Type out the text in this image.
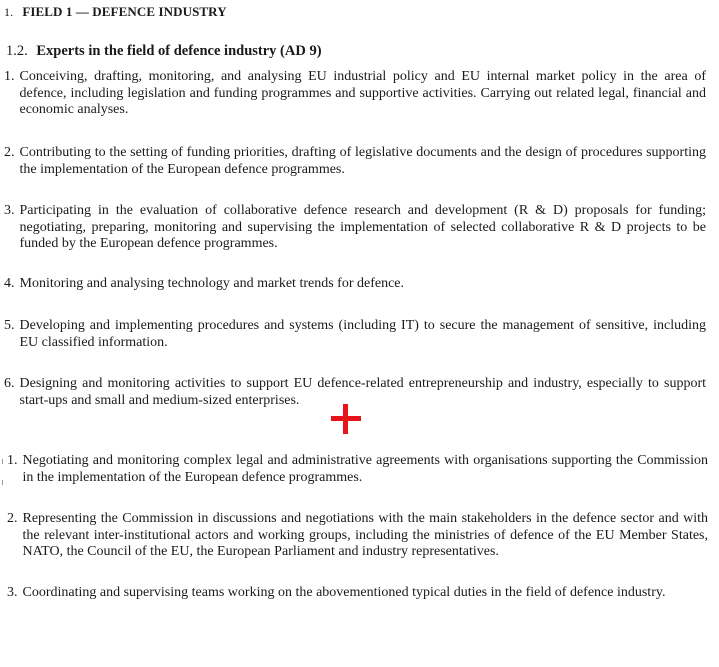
1. FIELD 1 — DEFENCE INDUSTRY
1.2. Experts in the field of defence industry (AD 9)
1. Conceiving, drafting, monitoring, and analysing EU industrial policy and EU internal market policy in the area of defence, including legislation and funding programmes and supportive activities. Carrying out related legal, financial and economic analyses.
2. Contributing to the setting of funding priorities, drafting of legislative documents and the design of procedures supporting the implementation of the European defence programmes.
3. Participating in the evaluation of collaborative defence research and development (R & D) proposals for funding; negotiating, preparing, monitoring and supervising the implementation of selected collaborative R & D projects to be funded by the European defence programmes.
4. Monitoring and analysing technology and market trends for defence.
5. Developing and implementing procedures and systems (including IT) to secure the management of sensitive, including EU classified information.
6. Designing and monitoring activities to support EU defence-related entrepreneurship and industry, especially to support start-ups and small and medium-sized enterprises.
1. Negotiating and monitoring complex legal and administrative agreements with organisations supporting the Commission in the implementation of the European defence programmes.
2. Representing the Commission in discussions and negotiations with the main stakeholders in the defence sector and with the relevant inter-institutional actors and working groups, including the ministries of defence of the EU Member States, NATO, the Council of the EU, the European Parliament and industry representatives.
3. Coordinating and supervising teams working on the abovementioned typical duties in the field of defence industry.
